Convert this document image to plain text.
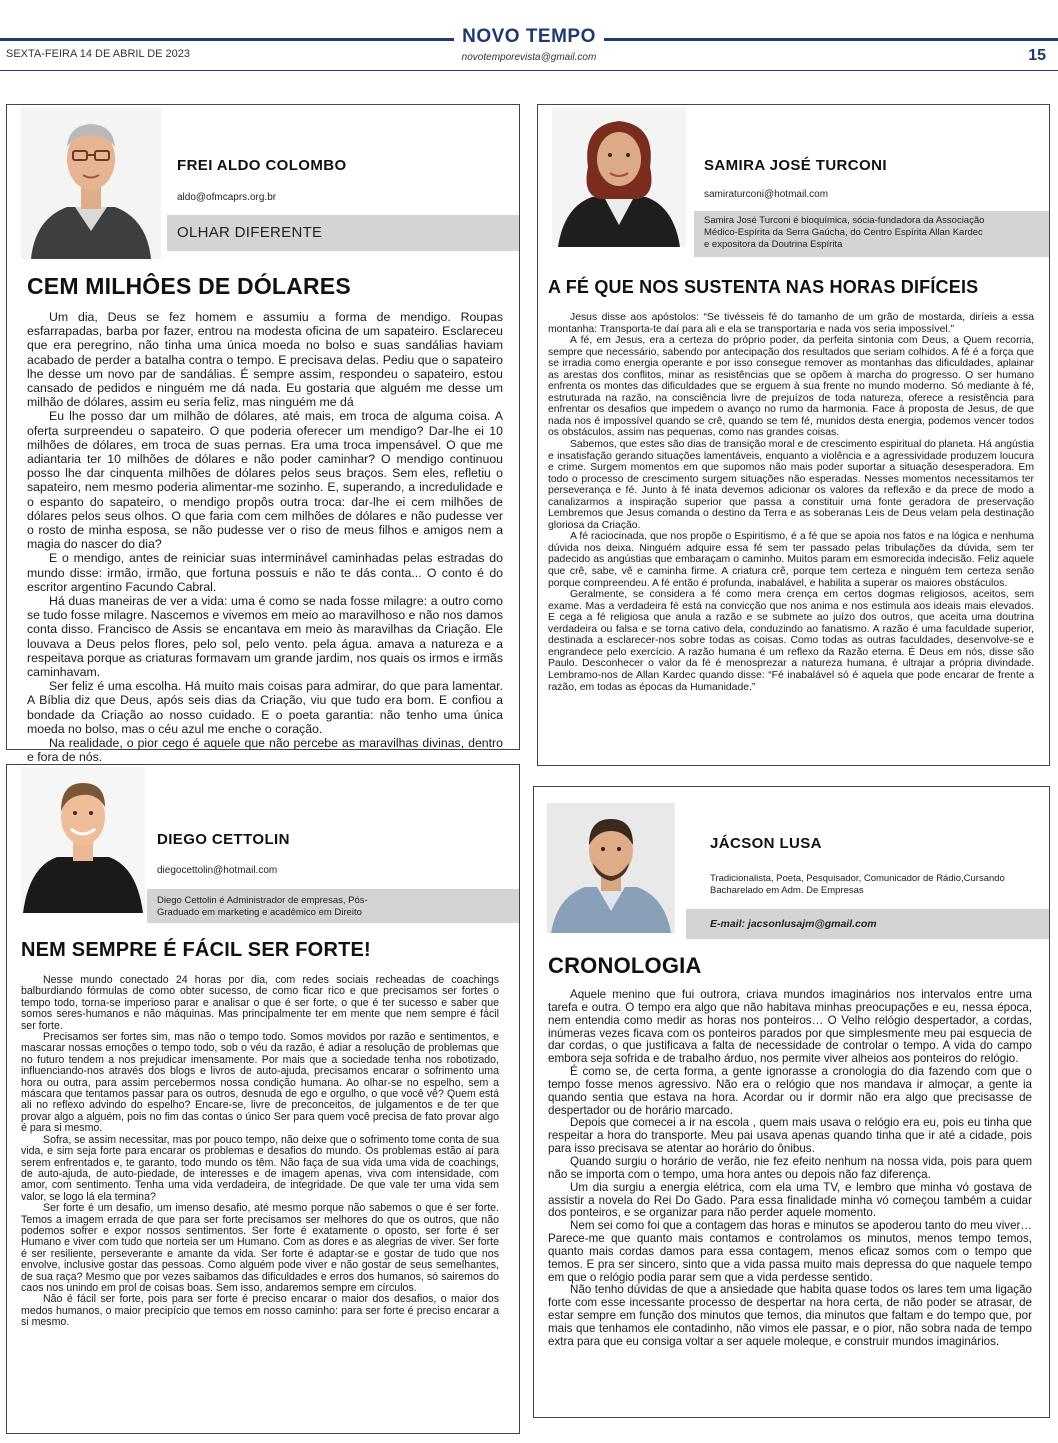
NOVO TEMPO
SEXTA-FEIRA 14 DE ABRIL DE 2023	novotemporevista@gmail.com	15
FREI ALDO COLOMBO
aldo@ofmcaprs.org.br
OLHAR DIFERENTE
CEM MILHÔES DE DÓLARES

Um dia, Deus se fez homem e assumiu a forma de mendigo. Roupas esfarrapadas, barba por fazer, entrou na modesta oficina de um sapateiro. Esclareceu que era peregrino, não tinha uma única moeda no bolso e suas sandálias haviam acabado de perder a batalha contra o tempo. E precisava delas. Pediu que o sapateiro lhe desse um novo par de sandálias. É sempre assim, respondeu o sapateiro, estou cansado de pedidos e ninguém me dá nada. Eu gostaria que alguém me desse um milhão de dólares, assim eu seria feliz, mas ninguém me dá

Eu lhe posso dar um milhão de dólares, até mais, em troca de alguma coisa. A oferta surpreendeu o sapateiro. O que poderia oferecer um mendigo? Dar-lhe ei 10 milhões de dólares, em troca de suas pernas. Era uma troca impensável. O que me adiantaria ter 10 milhões de dólares e não poder caminhar? O mendigo continuou posso lhe dar cinquenta milhões de dólares pelos seus braços. Sem eles, refletiu o sapateiro, nem mesmo poderia alimentar-me sozinho. E, superando, a incredulidade e o espanto do sapateiro, o mendigo propôs outra troca: dar-lhe ei cem milhões de dólares pelos seus olhos. O que faria com cem milhões de dólares e não pudesse ver o rosto de minha esposa, se não pudesse ver o riso de meus filhos e amigos nem a magia do nascer do dia?

E o mendigo, antes de reiniciar suas interminável caminhadas pelas estradas do mundo disse: irmão, irmão, que fortuna possuis e não te dás conta... O conto é do escritor argentino Facundo Cabral.

Há duas maneiras de ver a vida: uma é como se nada fosse milagre: a outro como se tudo fosse milagre. Nascemos e vivemos em meio ao maravilhoso e não nos damos conta disso. Francisco de Assis se encantava em meio às maravilhas da Criação. Ele louvava a Deus pelos flores, pelo sol, pelo vento. pela água. amava a natureza e a respeitava porque as criaturas formavam um grande jardim, nos quais os irmos e irmãs caminhavam.

Ser feliz é uma escolha. Há muito mais coisas para admirar, do que para lamentar. A Bíblia diz que Deus, após seis dias da Criação, viu que tudo era bom. E confiou a bondade da Criação ao nosso cuidado. E o poeta garantia: não tenho uma única moeda no bolso, mas o céu azul me enche o coração.

Na realidade, o pior cego é aquele que não percebe as maravilhas divinas, dentro e fora de nós.

SAMIRA JOSÉ TURCONI
samiraturconi@hotmail.com
Samira José Turconi é bioquímica, sócia-fundadora da Associação Médico-Espírita da Serra Gaúcha, do Centro Espírita Allan Kardec e expositora da Doutrina Espírita
A FÉ QUE NOS SUSTENTA NAS HORAS DIFÍCEIS

Jesus disse aos apóstolos: “Se tivésseis fé do tamanho de um grão de mostarda, diríeis a essa montanha: Transporta-te daí para ali e ela se transportaria e nada vos seria impossível.”

A fé, em Jesus, era a certeza do próprio poder, da perfeita sintonia com Deus, a Quem recorria, sempre que necessário, sabendo por antecipação dos resultados que seriam colhidos. A fé é a força que se irradia como energia operante e por isso consegue remover as montanhas das dificuldades, aplainar as arestas dos conflitos, minar as resistências que se opõem à marcha do progresso. O ser humano enfrenta os montes das dificuldades que se erguem à sua frente no mundo moderno. Só mediante à fé, estruturada na razão, na consciência livre de prejuízos de toda natureza, oferece a resistência para enfrentar os desafios que impedem o avanço no rumo da harmonia. Face à proposta de Jesus, de que nada nos é impossível quando se crê, quando se tem fé, munidos desta energia, podemos vencer todos os obstáculos, assim nas pequenas, como nas grandes coisas.

Sabemos, que estes são dias de transição moral e de crescimento espiritual do planeta. Há angústia e insatisfação gerando situações lamentáveis, enquanto a violência e a agressividade produzem loucura e crime. Surgem momentos em que supomos não mais poder suportar a situação desesperadora. Em todo o processo de crescimento surgem situações não esperadas. Nesses momentos necessitamos ter perseverança e fé. Junto à fé inata devemos adicionar os valores da reflexão e da prece de modo a canalizarmos a inspiração superior que passa a constituir uma fonte geradora de preservação Lembremos que Jesus comanda o destino da Terra e as soberanas Leis de Deus velam pela destinação gloriosa da Criação.

A fé raciocinada, que nos propõe o Espiritismo, é a fé que se apoia nos fatos e na lógica e nenhuma dúvida nos deixa. Ninguém adquire essa fé sem ter passado pelas tribulações da dúvida, sem ter padecido as angústias que embaraçam o caminho. Muitos param em esmorecida indecisão. Feliz aquele que crê, sabe, vê e caminha firme. A criatura crê, porque tem certeza e ninguém tem certeza senão porque compreendeu. A fé então é profunda, inabalável, e habilita a superar os maiores obstáculos.

Geralmente, se considera a fé como mera crença em certos dogmas religiosos, aceitos, sem exame. Mas a verdadeira fé está na convicção que nos anima e nos estimula aos ideais mais elevados. E cega a fé religiosa que anula a razão e se submete ao juízo dos outros, que aceita uma doutrina verdadeira ou falsa e se torna cativo dela, conduzindo ao fanatismo. A razão é uma faculdade superior, destinada a esclarecer-nos sobre todas as coisas. Como todas as outras faculdades, desenvolve-se e engrandece pelo exercício. A razão humana é um reflexo da Razão eterna. É Deus em nós, disse são Paulo. Desconhecer o valor da fé é menosprezar a natureza humana, é ultrajar a própria divindade. Lembramo-nos de Allan Kardec quando disse: “Fé inabalável só é aquela que pode encarar de frente a razão, em todas as épocas da Humanidade.”

DIEGO CETTOLIN
diegocettolin@hotmail.com
Diego Cettolin é Administrador de empresas, Pós-Graduado em marketing e acadêmico em Direito
NEM SEMPRE É FÁCIL SER FORTE!

Nesse mundo conectado 24 horas por dia, com redes sociais recheadas de coachings balburdiando fórmulas de como obter sucesso, de como ficar rico e que precisamos ser fortes o tempo todo, torna-se imperioso parar e analisar o que é ser forte, o que é ter sucesso e saber que somos seres-humanos e não máquinas. Mas principalmente ter em mente que nem sempre é fácil ser forte.

Precisamos ser fortes sim, mas não o tempo todo. Somos movidos por razão e sentimentos, e mascarar nossas emoções o tempo todo, sob o véu da razão, é adiar a resolução de problemas que no futuro tendem a nos prejudicar imensamente. Por mais que a sociedade tenha nos robotizado, influenciando-nos através dos blogs e livros de auto-ajuda, precisamos encarar o sofrimento uma hora ou outra, para assim percebermos nossa condição humana. Ao olhar-se no espelho, sem a máscara que tentamos passar para os outros, desnuda de ego e orgulho, o que você vê? Quem está ali no reflexo advindo do espelho? Encare-se, livre de preconceitos, de julgamentos e de ter que provar algo a alguém, pois no fim das contas o único Ser para quem você precisa de fato provar algo é para si mesmo.

Sofra, se assim necessitar, mas por pouco tempo, não deixe que o sofrimento tome conta de sua vida, e sim seja forte para encarar os problemas e desafios do mundo. Os problemas estão aí para serem enfrentados e, te garanto, todo mundo os têm. Não faça de sua vida uma vida de coachings, de auto-ajuda, de auto-piedade, de interesses e de imagem apenas, viva com intensidade, com amor, com sentimento. Tenha uma vida verdadeira, de integridade. De que vale ter uma vida sem valor, se logo lá ela termina?

Ser forte é um desafio, um imenso desafio, até mesmo porque não sabemos o que é ser forte. Temos a imagem errada de que para ser forte precisamos ser melhores do que os outros, que não podemos sofrer e expor nossos sentimentos. Ser forte é exatamente o oposto, ser forte é ser Humano e viver com tudo que norteia ser um Humano. Com as dores e as alegrias de viver. Ser forte é ser resiliente, perseverante e amante da vida. Ser forte é adaptar-se e gostar de tudo que nos envolve, inclusive gostar das pessoas. Como alguém pode viver e não gostar de seus semelhantes, de sua raça? Mesmo que por vezes saibamos das dificuldades e erros dos humanos, só sairemos do caos nos unindo em prol de coisas boas. Sem isso, andaremos sempre em círculos.

Não é fácil ser forte, pois para ser forte é preciso encarar o maior dos desafios, o maior dos medos humanos, o maior precipício que temos em nosso caminho: para ser forte é preciso encarar a si mesmo.

JÁCSON LUSA
Tradicionalista, Poeta, Pesquisador, Comunicador de Rádio,Cursando Bacharelado em Adm. De Empresas
E-mail: jacsonlusajm@gmail.com
CRONOLOGIA

Aquele menino que fui outrora, criava mundos imaginários nos intervalos entre uma tarefa e outra. O tempo era algo que não habitava minhas preocupações e eu, nessa época, nem entendia como medir as horas nos ponteiros… O Velho relógio despertador, a cordas, inúmeras vezes ficava com os ponteiros parados por que simplesmente meu pai esquecia de dar cordas, o que justificava a falta de necessidade de controlar o tempo. A vida do campo embora seja sofrida e de trabalho árduo, nos permite viver alheios aos ponteiros do relógio.

É como se, de certa forma, a gente ignorasse a cronologia do dia fazendo com que o tempo fosse menos agressivo. Não era o relógio que nos mandava ir almoçar, a gente ia quando sentia que estava na hora. Acordar ou ir dormir não era algo que precisasse de despertador ou de horário marcado.

Depois que comecei a ir na escola , quem mais usava o relógio era eu, pois eu tinha que respeitar a hora do transporte. Meu pai usava apenas quando tinha que ir até a cidade, pois para isso precisava se atentar ao horário do ônibus.

Quando surgiu o horário de verão, nie fez efeito nenhum na nossa vida, pois para quem não se importa com o tempo, uma hora antes ou depois não faz diferença.

Um dia surgiu a energia elétrica, com ela uma TV, e lembro que minha vó gostava de assistir a novela do Rei Do Gado. Para essa finalidade minha vó começou também a cuidar dos ponteiros, e se organizar para não perder aquele momento.

Nem sei como foi que a contagem das horas e minutos se apoderou tanto do meu viver… Parece-me que quanto mais contamos e controlamos os minutos, menos tempo temos, quanto mais cordas damos para essa contagem, menos eficaz somos com o tempo que temos. E pra ser sincero, sinto que a vida passa muito mais depressa do que naquele tempo em que o relógio podia parar sem que a vida perdesse sentido.

Não tenho dúvidas de que a ansiedade que habita quase todos os lares tem uma ligação forte com esse incessante processo de despertar na hora certa, de não poder se atrasar, de estar sempre em função dos minutos que temos, dia minutos que faltam e do tempo que, por mais que tenhamos ele contadinho, não vimos ele passar, e o pior, não sobra nada de tempo extra para que eu consiga voltar a ser aquele moleque, e construir mundos imaginários.
